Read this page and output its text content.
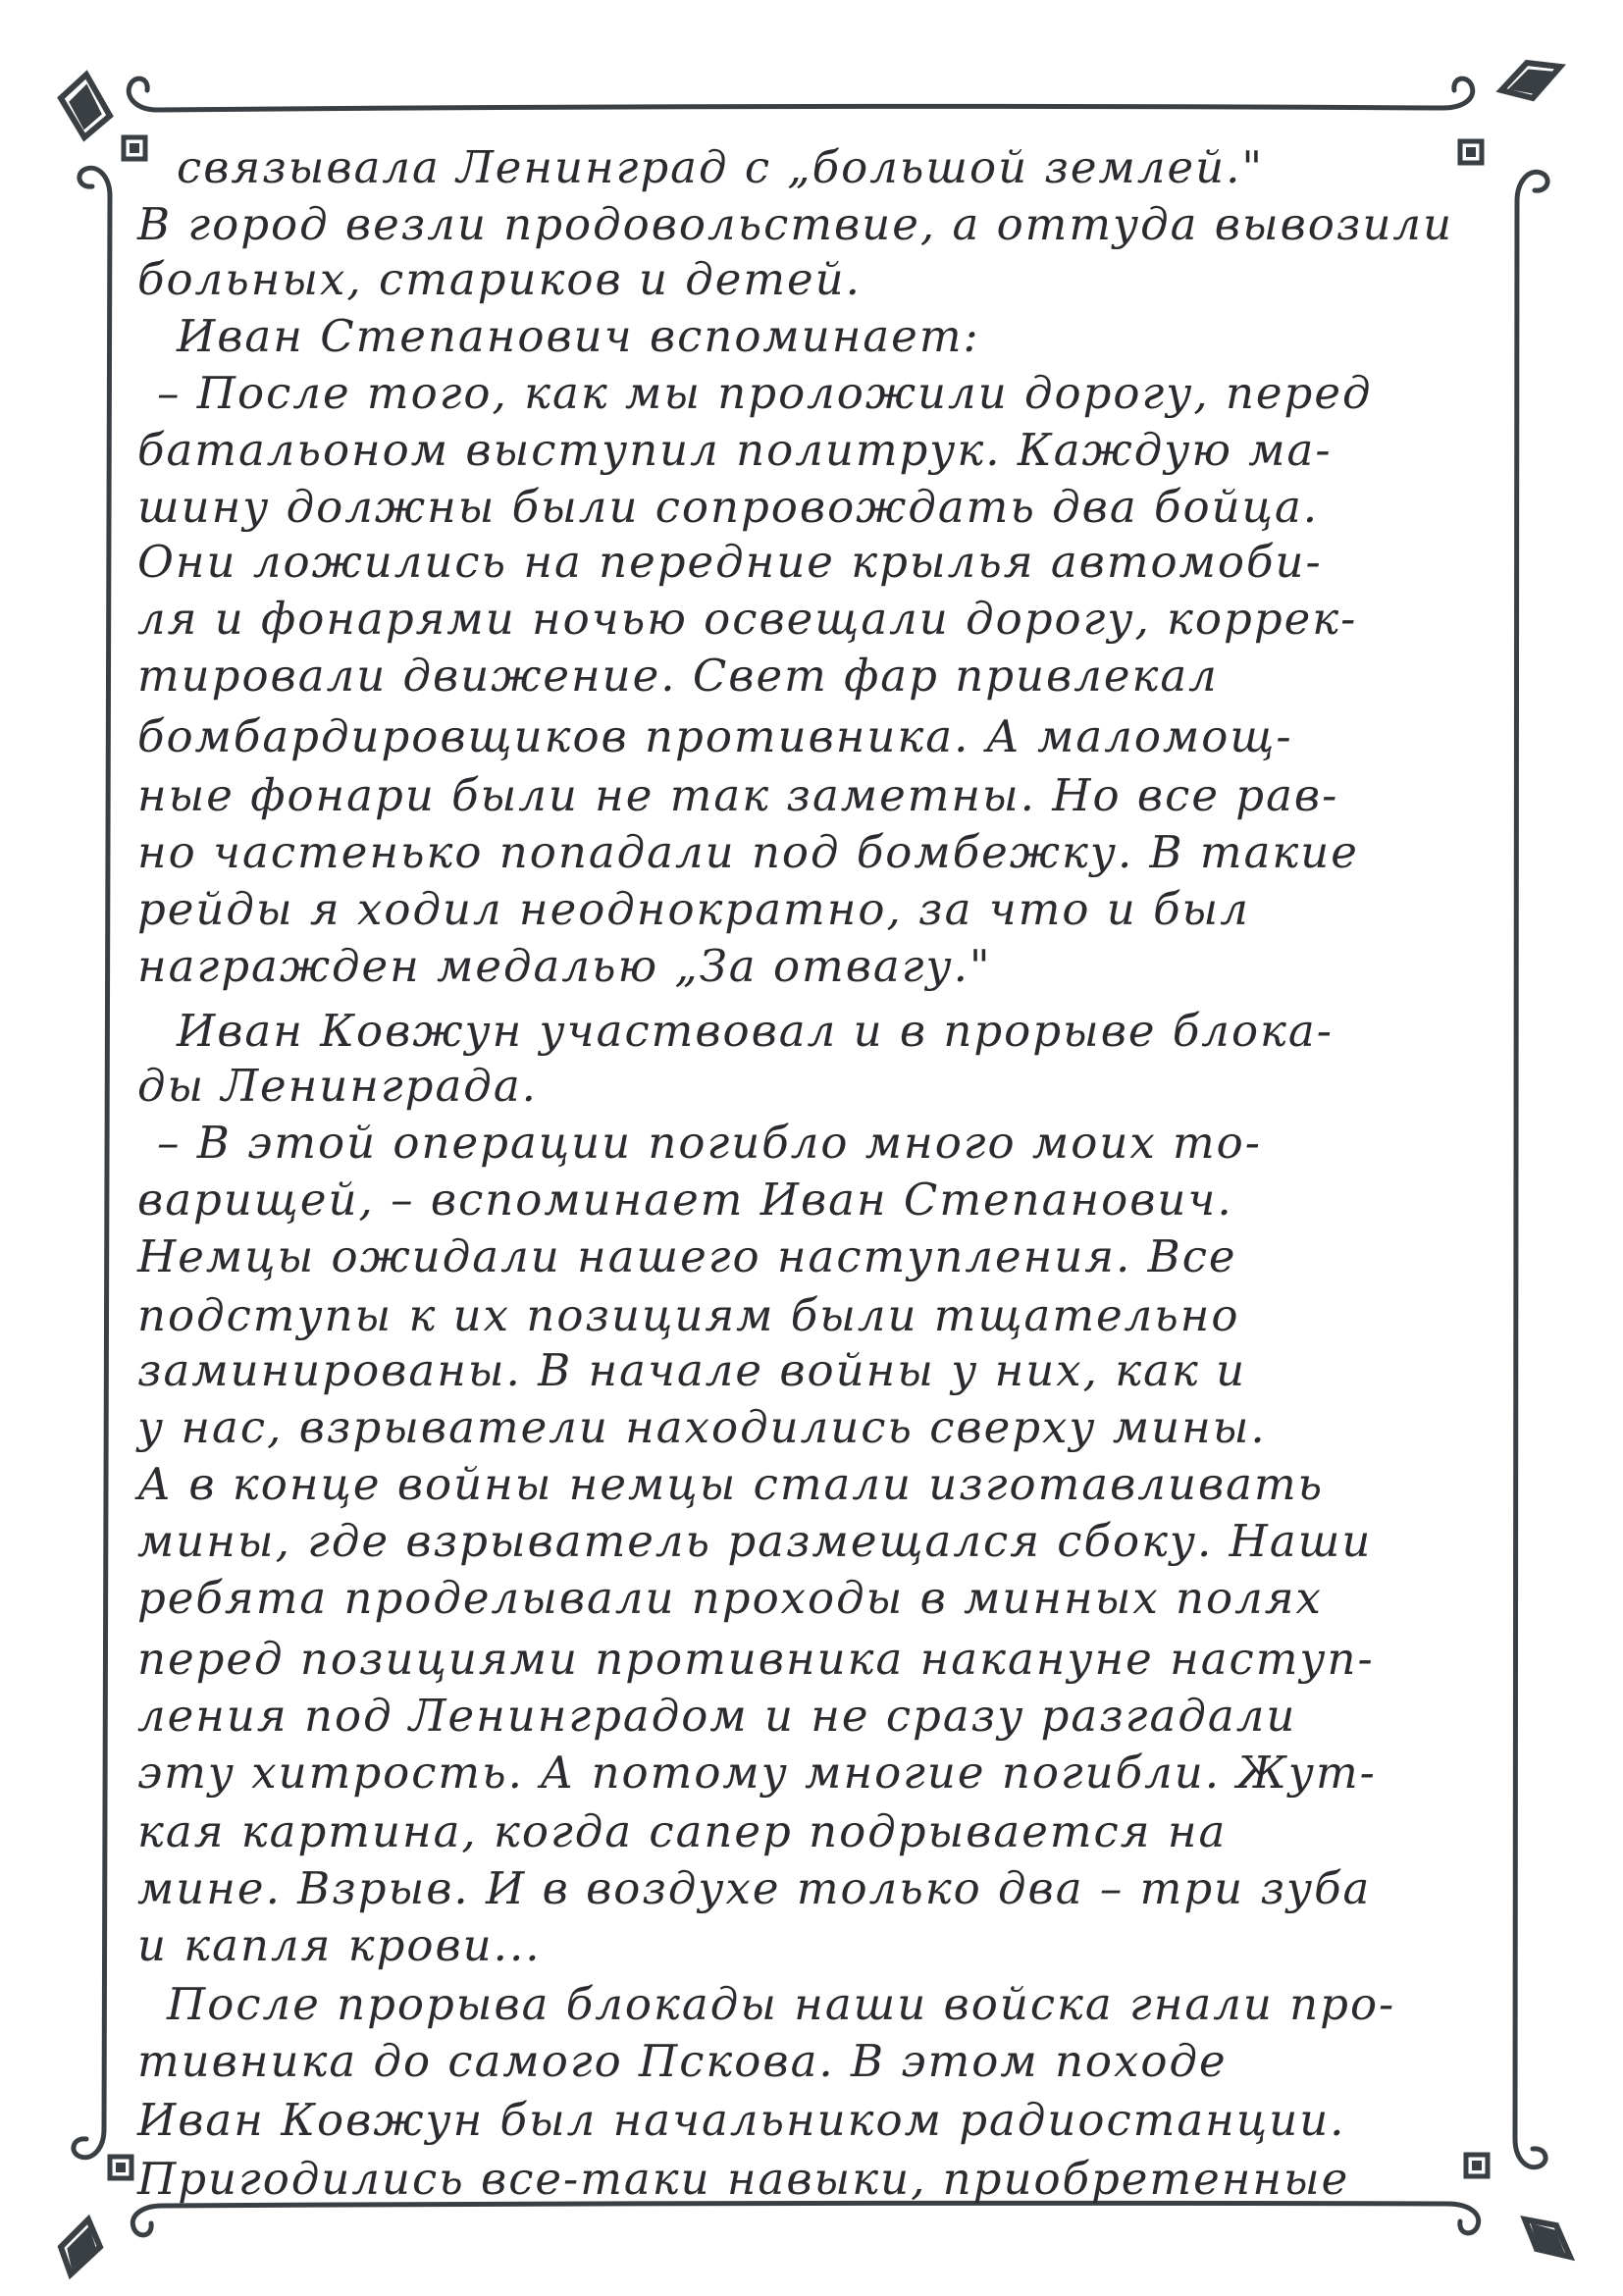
связывала Ленинград с „большой землей."
В город везли продовольствие, а оттуда вывозили
больных, стариков и детей.
Иван Степанович вспоминает:
– После того, как мы проложили дорогу, перед
батальоном выступил политрук. Каждую ма-
шину должны были сопровождать два бойца.
Они ложились на передние крылья автомоби-
ля и фонарями ночью освещали дорогу, коррек-
тировали движение. Свет фар привлекал
бомбардировщиков противника. А маломощ-
ные фонари были не так заметны. Но все рав-
но частенько попадали под бомбежку. В такие
рейды я ходил неоднократно, за что и был
награжден медалью „За отвагу."
Иван Ковжун участвовал и в прорыве блока-
ды Ленинграда.
– В этой операции погибло много моих то-
варищей, – вспоминает Иван Степанович.
Немцы ожидали нашего наступления. Все
подступы к их позициям были тщательно
заминированы. В начале войны у них, как и
у нас, взрыватели находились сверху мины.
А в конце войны немцы стали изготавливать
мины, где взрыватель размещался сбоку. Наши
ребята проделывали проходы в минных полях
перед позициями противника накануне наступ-
ления под Ленинградом и не сразу разгадали
эту хитрость. А потому многие погибли. Жут-
кая картина, когда сапер подрывается на
мине. Взрыв. И в воздухе только два – три зуба
и капля крови...
После прорыва блокады наши войска гнали про-
тивника до самого Пскова. В этом походе
Иван Ковжун был начальником радиостанции.
Пригодились все-таки навыки, приобретенные
